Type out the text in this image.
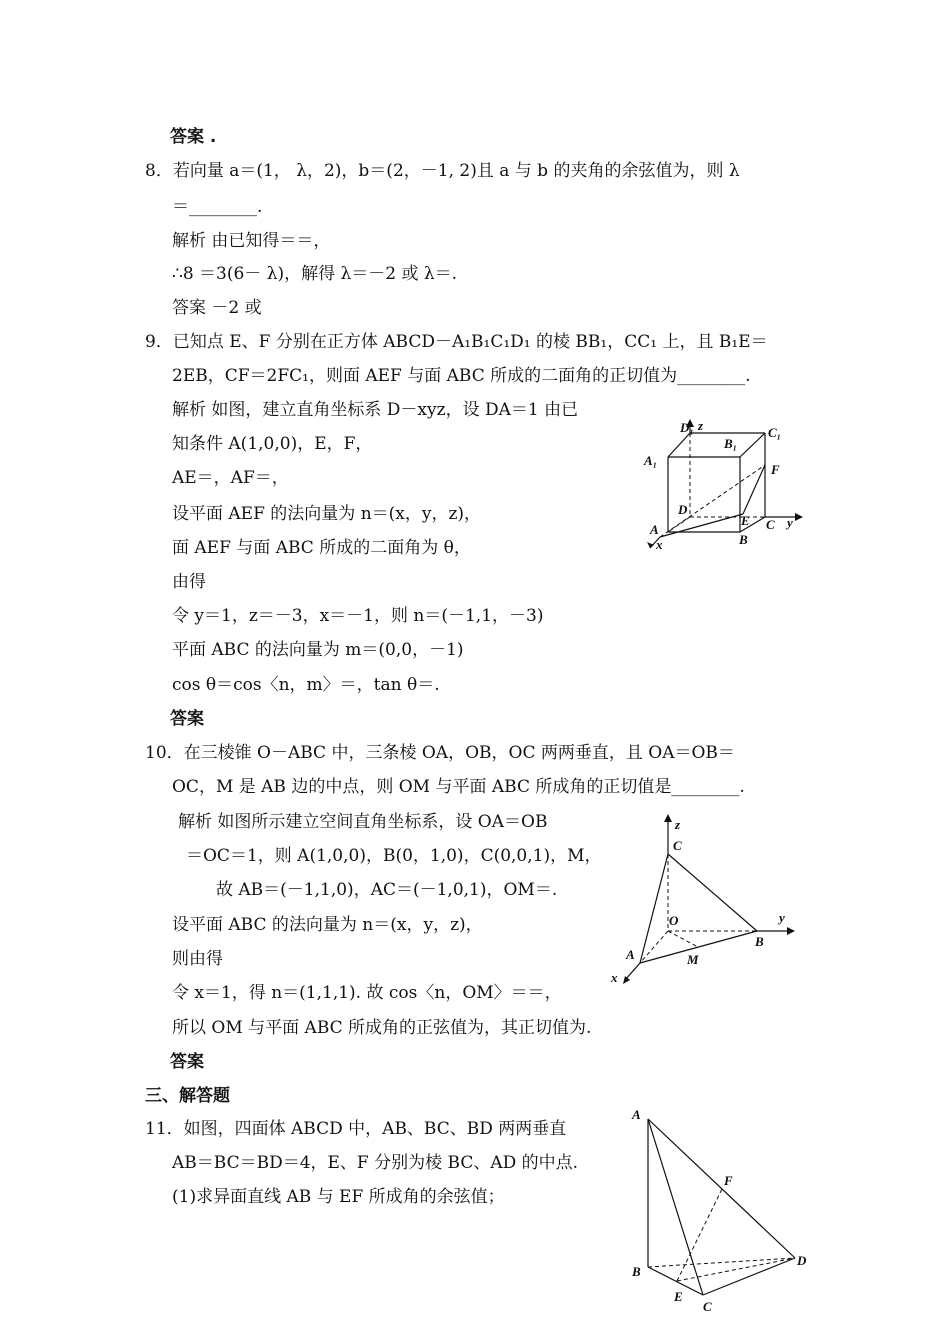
答案 .
8．若向量 a＝(1， λ，2)，b＝(2，－1, 2)且 a 与 b 的夹角的余弦值为，则 λ
＝________.
解析 由已知得＝＝，
∴8 ＝3(6－ λ)，解得 λ＝－2 或 λ＝.
答案 －2 或
9．已知点 E、F 分别在正方体 ABCD－A₁B₁C₁D₁ 的棱 BB₁，CC₁ 上，且 B₁E＝
2EB，CF＝2FC₁，则面 AEF 与面 ABC 所成的二面角的正切值为________.
解析 如图，建立直角坐标系 D－xyz，设 DA＝1 由已
知条件 A(1,0,0)，E，F，
AE＝，AF＝，
设平面 AEF 的法向量为 n＝(x，y，z)，
面 AEF 与面 ABC 所成的二面角为 θ，
由得
令 y＝1，z＝－3，x＝－1，则 n＝(－1,1，－3)
平面 ABC 的法向量为 m＝(0,0，－1)
cos θ＝cos〈n，m〉＝，tan θ＝.
答案
10．在三棱锥 O－ABC 中，三条棱 OA，OB，OC 两两垂直，且 OA＝OB＝
OC，M 是 AB 边的中点，则 OM 与平面 ABC 所成角的正切值是________.
解析 如图所示建立空间直角坐标系，设 OA＝OB
＝OC＝1，则 A(1,0,0)，B(0，1,0)，C(0,0,1)，M，
故 AB＝(－1,1,0)，AC＝(－1,0,1)，OM＝.
设平面 ABC 的法向量为 n＝(x，y，z)，
则由得
令 x＝1，得 n＝(1,1,1). 故 cos〈n，OM〉＝＝，
所以 OM 与平面 ABC 所成角的正弦值为，其正切值为.
答案
三、解答题
11．如图，四面体 ABCD 中，AB、BC、BD 两两垂直
AB＝BC＝BD＝4，E、F 分别为棱 BC、AD 的中点.
(1)求异面直线 AB 与 EF 所成角的余弦值；
D₁ z
B₁
C₁
A₁
F
D
A
E C y
x	B
z
C
O	y
B
A	M
x
A
F
B
D
E
C
